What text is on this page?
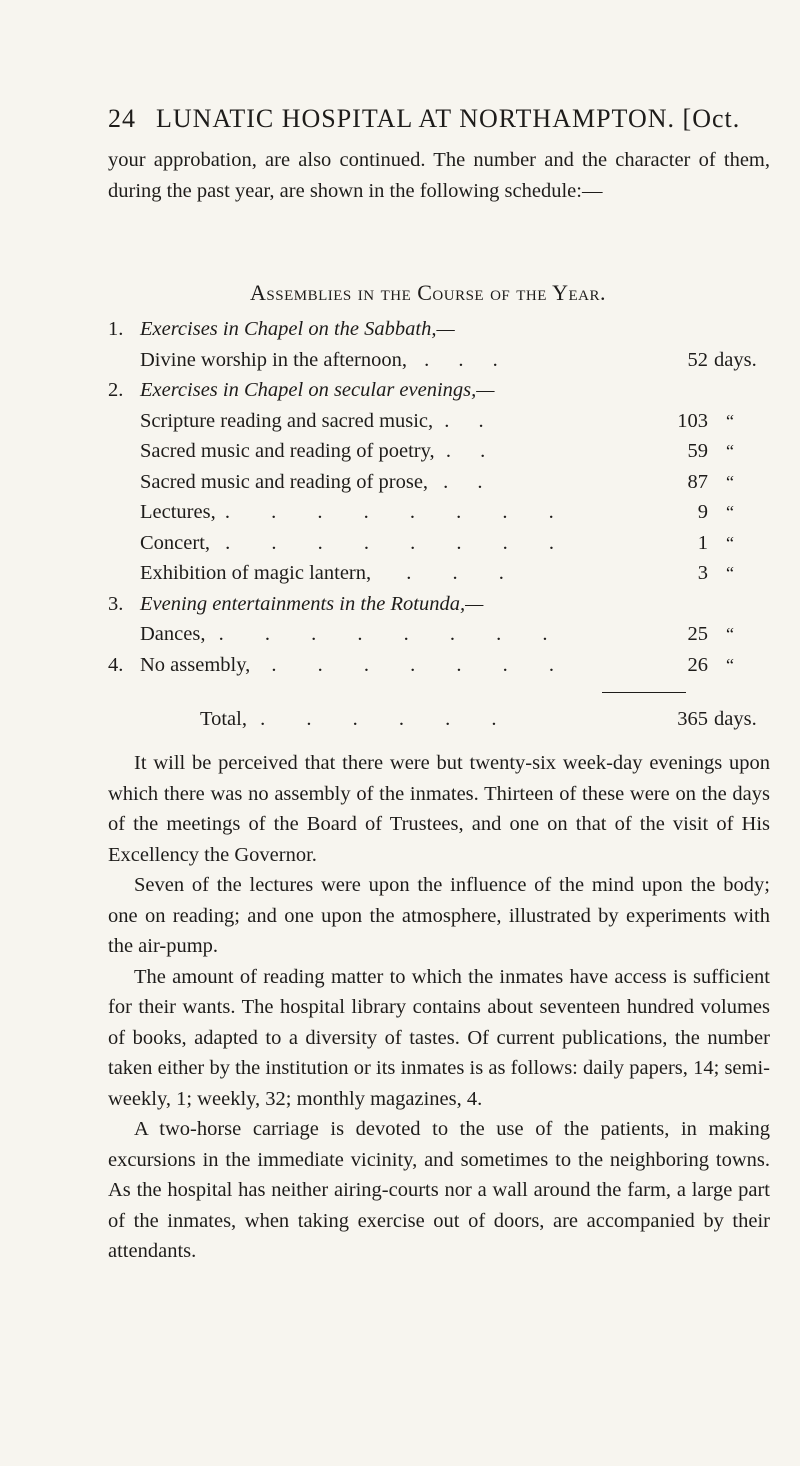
24 LUNATIC HOSPITAL AT NORTHAMPTON. [Oct.

your approbation, are also continued. The number and the character of them, during the past year, are shown in the following schedule:—

Assemblies in the Course of the Year.
1. Exercises in Chapel on the Sabbath,—
Divine worship in the afternoon, . . .	52 days.
2. Exercises in Chapel on secular evenings,—
Scripture reading and sacred music, . .	103 “
Sacred music and reading of poetry, . .	59 “
Sacred music and reading of prose, . .	87 “
Lectures, . . . . . . . .	9 “
Concert, . . . . . . . .	1 “
Exhibition of magic lantern, . . .	3 “
3. Evening entertainments in the Rotunda,—
Dances, . . . . . . . .	25 “
4. No assembly, . . . . . . .	26 “
Total, . . . . . .	365 days.

It will be perceived that there were but twenty-six week-day evenings upon which there was no assembly of the inmates. Thirteen of these were on the days of the meetings of the Board of Trustees, and one on that of the visit of His Excellency the Governor.

Seven of the lectures were upon the influence of the mind upon the body; one on reading; and one upon the atmosphere, illustrated by experiments with the air-pump.

The amount of reading matter to which the inmates have access is sufficient for their wants. The hospital library contains about seventeen hundred volumes of books, adapted to a diversity of tastes. Of current publications, the number taken either by the institution or its inmates is as follows: daily papers, 14; semi-weekly, 1; weekly, 32; monthly magazines, 4.

A two-horse carriage is devoted to the use of the patients, in making excursions in the immediate vicinity, and sometimes to the neighboring towns. As the hospital has neither airing-courts nor a wall around the farm, a large part of the inmates, when taking exercise out of doors, are accompanied by their attendants.
